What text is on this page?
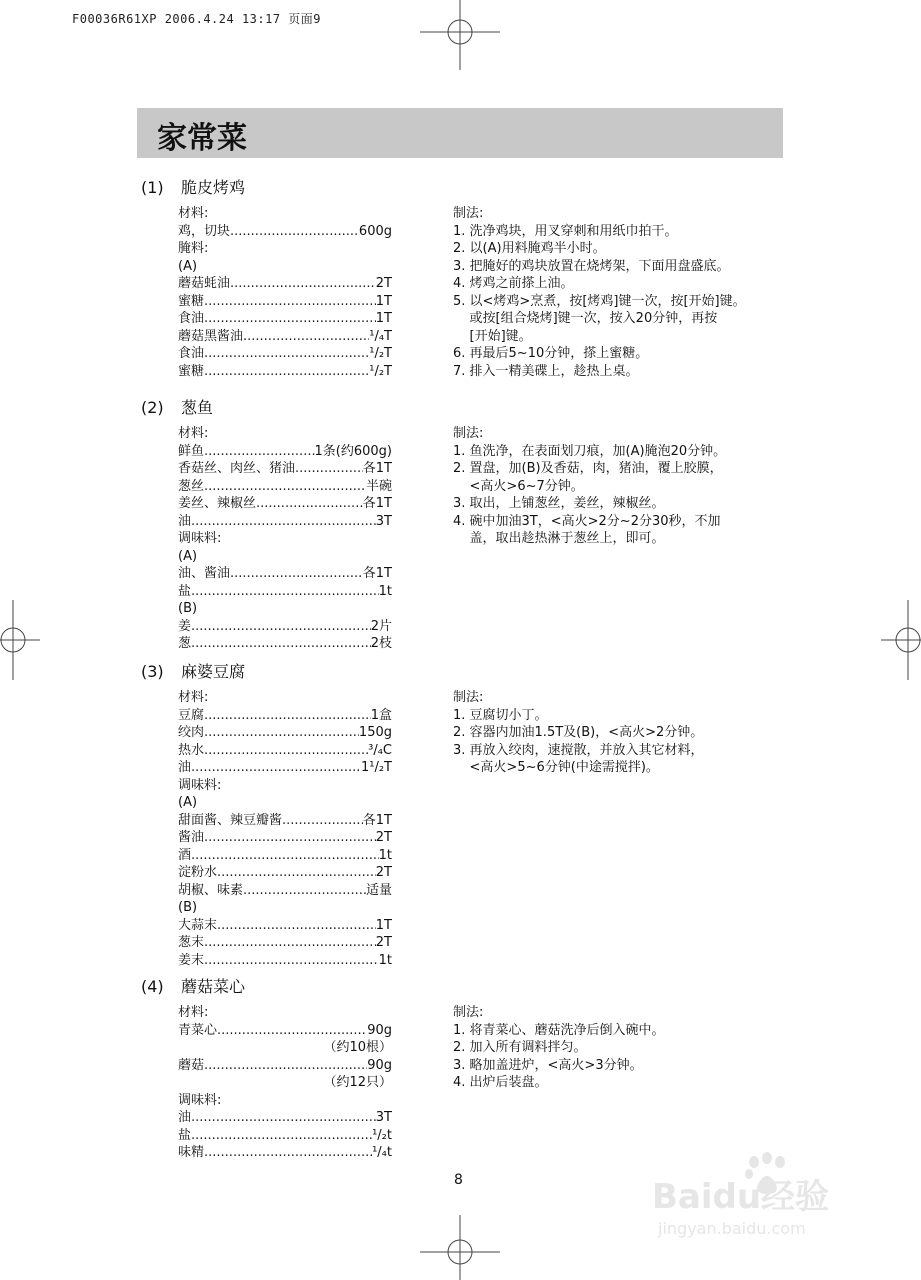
F00036R61XP 2006.4.24 13:17 页面9
家常菜
(1) 脆皮烤鸡
材料:
鸡，切块 .....	600g
腌料:
(A)
蘑菇蚝油 .....	2T
蜜糖 .....	1T
食油 .....	1T
蘑菇黑酱油 .....	¹/₄T
食油 .....	¹/₂T
蜜糖 .....	¹/₂T
制法:
1. 洗净鸡块，用叉穿刺和用纸巾拍干。
2. 以(A)用料腌鸡半小时。
3. 把腌好的鸡块放置在烧烤架，下面用盘盛底。
4. 烤鸡之前搽上油。
5. 以<烤鸡>烹煮，按[烤鸡]键一次，按[开始]键。
或按[组合烧烤]键一次，按入20分钟，再按
[开始]键。
6. 再最后5~10分钟，搽上蜜糖。
7. 排入一精美碟上，趁热上桌。
(2) 葱鱼
材料:
鲜鱼 .....	1条(约600g)
香菇丝、肉丝、猪油 .....	各1T
葱丝 .....	半碗
姜丝、辣椒丝 .....	各1T
油 .....	3T
调味料:
(A)
油、酱油 .....	各1T
盐 .....	1t
(B)
姜 .....	2片
葱 .....	2枝
制法:
1. 鱼洗净，在表面划刀痕，加(A)腌泡20分钟。
2. 置盘，加(B)及香菇，肉，猪油，覆上胶膜，
<高火>6~7分钟。
3. 取出，上铺葱丝，姜丝，辣椒丝。
4. 碗中加油3T，<高火>2分~2分30秒，不加
盖，取出趁热淋于葱丝上，即可。
(3) 麻婆豆腐
材料:
豆腐 .....	1盒
绞肉 .....	150g
热水 .....	³/₄C
油 .....	1¹/₂T
调味料:
(A)
甜面酱、辣豆瓣酱 .....	各1T
酱油 .....	2T
酒 .....	1t
淀粉水 .....	2T
胡椒、味素 .....	适量
(B)
大蒜末 .....	1T
葱末 .....	2T
姜末 .....	1t
制法:
1. 豆腐切小丁。
2. 容器内加油1.5T及(B)，<高火>2分钟。
3. 再放入绞肉，速搅散，并放入其它材料，
<高火>5~6分钟(中途需搅拌)。
(4) 蘑菇菜心
材料:
青菜心 .....	90g
（约10根）
蘑菇 .....	90g
（约12只）
调味料:
油 .....	3T
盐 .....	¹/₂t
味精 .....	¹/₄t
制法:
1. 将青菜心、蘑菇洗净后倒入碗中。
2. 加入所有调料拌匀。
3. 略加盖进炉，<高火>3分钟。
4. 出炉后装盘。
8	Baidu经验
jingyan.baidu.com
